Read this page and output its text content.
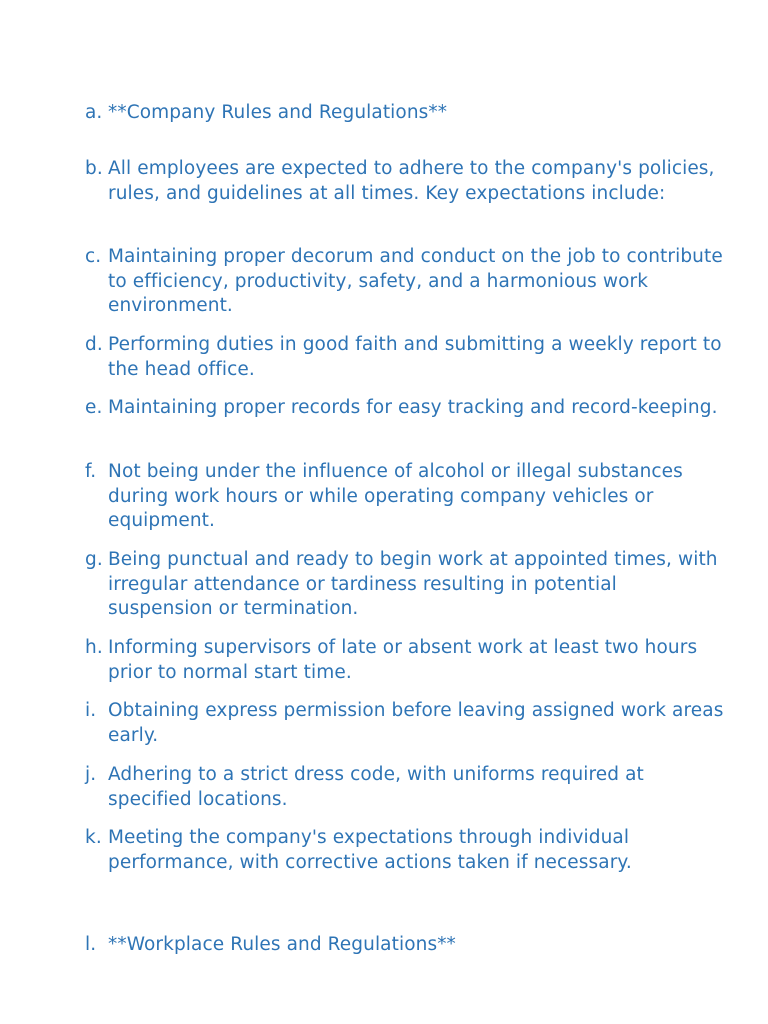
a. **Company Rules and Regulations**
b. All employees are expected to adhere to the company's policies, rules, and guidelines at all times. Key expectations include:
c. Maintaining proper decorum and conduct on the job to contribute to efficiency, productivity, safety, and a harmonious work environment.
d. Performing duties in good faith and submitting a weekly report to the head office.
e. Maintaining proper records for easy tracking and record-keeping.
f. Not being under the influence of alcohol or illegal substances during work hours or while operating company vehicles or equipment.
g. Being punctual and ready to begin work at appointed times, with irregular attendance or tardiness resulting in potential suspension or termination.
h. Informing supervisors of late or absent work at least two hours prior to normal start time.
i. Obtaining express permission before leaving assigned work areas early.
j. Adhering to a strict dress code, with uniforms required at specified locations.
k. Meeting the company's expectations through individual performance, with corrective actions taken if necessary.
l. **Workplace Rules and Regulations**
